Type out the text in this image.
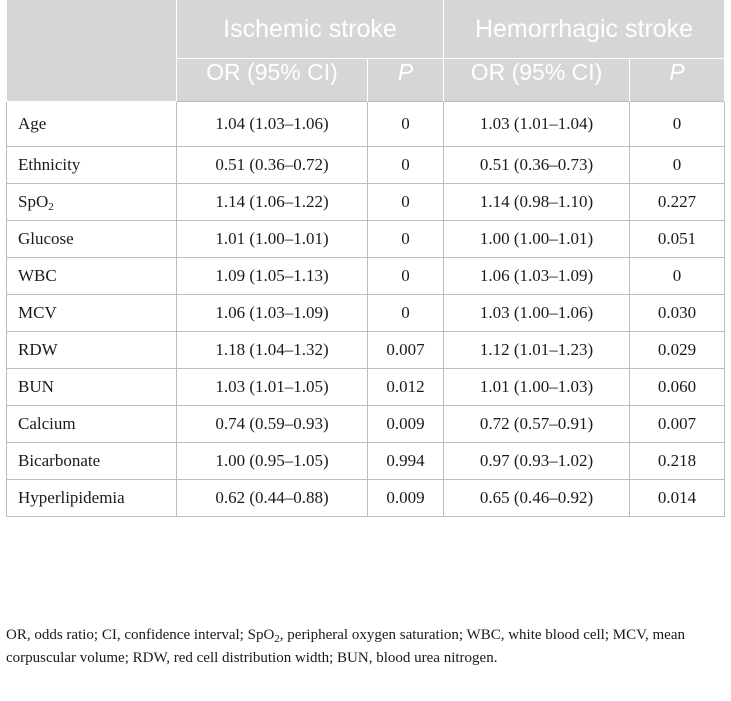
	Ischemic stroke		Hemorrhagic stroke	
	OR (95% CI)	P	OR (95% CI)	P
Age	1.04 (1.03–1.06)	0	1.03 (1.01–1.04)	0
Ethnicity	0.51 (0.36–0.72)	0	0.51 (0.36–0.73)	0
SpO$_2$	1.14 (1.06–1.22)	0	1.14 (0.98–1.10)	0.227
Glucose	1.01 (1.00–1.01)	0	1.00 (1.00–1.01)	0.051
WBC	1.09 (1.05–1.13)	0	1.06 (1.03–1.09)	0
MCV	1.06 (1.03–1.09)	0	1.03 (1.00–1.06)	0.030
RDW	1.18 (1.04–1.32)	0.007	1.12 (1.01–1.23)	0.029
BUN	1.03 (1.01–1.05)	0.012	1.01 (1.00–1.03)	0.060
Calcium	0.74 (0.59–0.93)	0.009	0.72 (0.57–0.91)	0.007
Bicarbonate	1.00 (0.95–1.05)	0.994	0.97 (0.93–1.02)	0.218
Hyperlipidemia	0.62 (0.44–0.88)	0.009	0.65 (0.46–0.92)	0.014

OR, odds ratio; CI, confidence interval; SpO$_2$, peripheral oxygen saturation; WBC, white blood cell; MCV, mean corpuscular volume; RDW, red cell distribution width; BUN, blood urea nitrogen.
